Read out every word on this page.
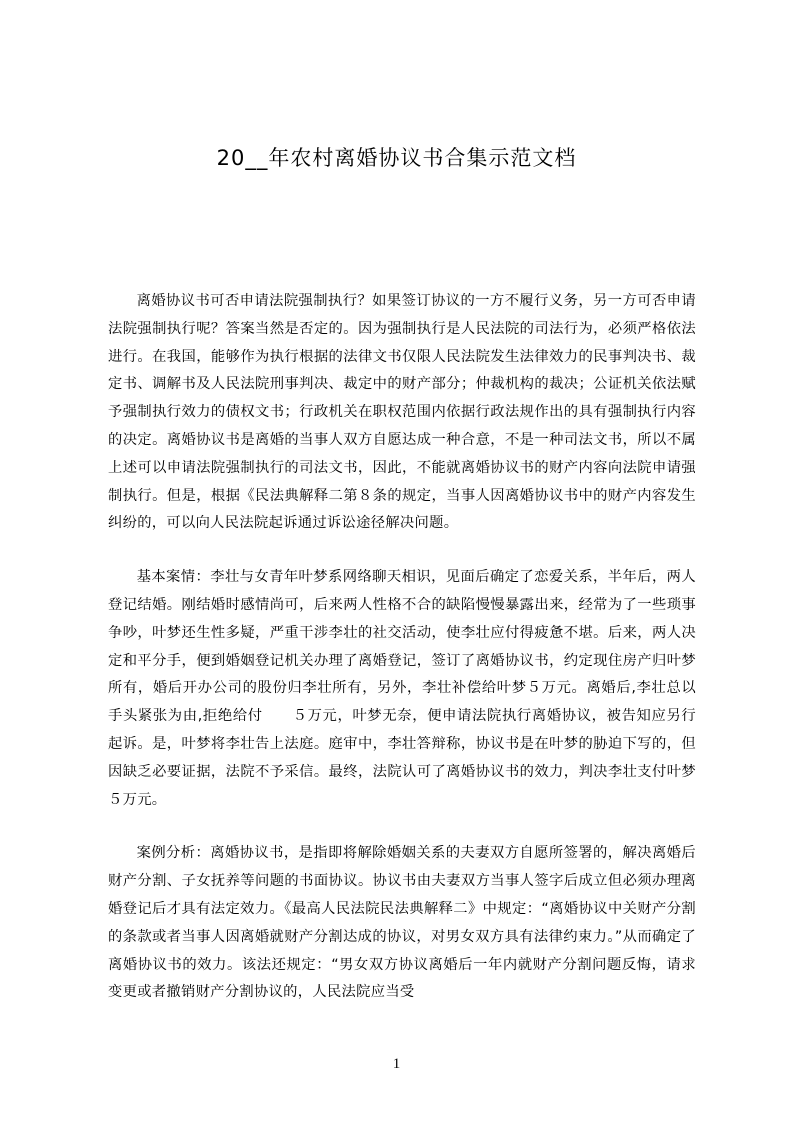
20__年农村离婚协议书合集示范文档

离婚协议书可否申请法院强制执行？如果签订协议的一方不履行义务，另一方可否申请法院强制执行呢？答案当然是否定的。因为强制执行是人民法院的司法行为，必须严格依法进行。在我国，能够作为执行根据的法律文书仅限人民法院发生法律效力的民事判决书、裁定书、调解书及人民法院刑事判决、裁定中的财产部分；仲裁机构的裁决；公证机关依法赋予强制执行效力的债权文书；行政机关在职权范围内依据行政法规作出的具有强制执行内容的决定。离婚协议书是离婚的当事人双方自愿达成一种合意，不是一种司法文书，所以不属上述可以申请法院强制执行的司法文书，因此，不能就离婚协议书的财产内容向法院申请强制执行。但是，根据《民法典解释二第８条的规定，当事人因离婚协议书中的财产内容发生纠纷的，可以向人民法院起诉通过诉讼途径解决问题。

基本案情：李壮与女青年叶梦系网络聊天相识，见面后确定了恋爱关系，半年后，两人登记结婚。刚结婚时感情尚可，后来两人性格不合的缺陷慢慢暴露出来，经常为了一些琐事争吵，叶梦还生性多疑，严重干涉李壮的社交活动，使李壮应付得疲惫不堪。后来，两人决定和平分手，便到婚姻登记机关办理了离婚登记，签订了离婚协议书，约定现住房产归叶梦所有，婚后开办公司的股份归李壮所有，另外，李壮补偿给叶梦５万元。离婚后,李壮总以手头紧张为由,拒绝给付　　５万元，叶梦无奈，便申请法院执行离婚协议，被告知应另行起诉。是，叶梦将李壮告上法庭。庭审中，李壮答辩称，协议书是在叶梦的胁迫下写的，但因缺乏必要证据，法院不予采信。最终，法院认可了离婚协议书的效力，判决李壮支付叶梦５万元。

案例分析：离婚协议书，是指即将解除婚姻关系的夫妻双方自愿所签署的，解决离婚后财产分割、子女抚养等问题的书面协议。协议书由夫妻双方当事人签字后成立但必须办理离婚登记后才具有法定效力。《最高人民法院民法典解释二》中规定：“离婚协议中关财产分割的条款或者当事人因离婚就财产分割达成的协议，对男女双方具有法律约束力。”从而确定了离婚协议书的效力。该法还规定：“男女双方协议离婚后一年内就财产分割问题反悔，请求变更或者撤销财产分割协议的，人民法院应当受

1
